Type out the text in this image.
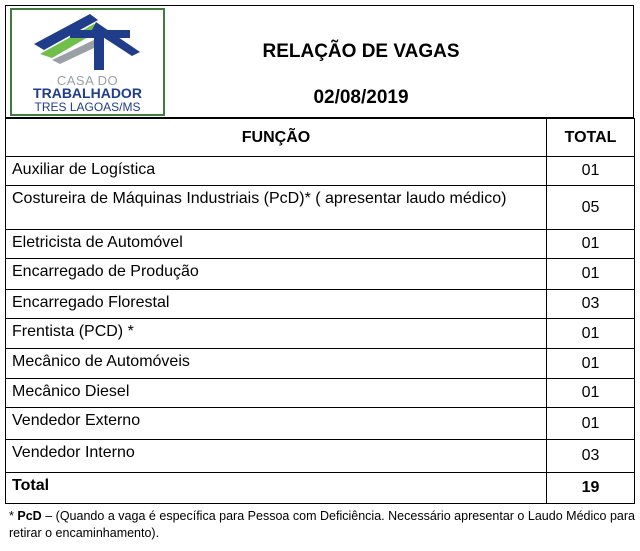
CASA DO
TRABALHADOR
TRES LAGOAS/MS
RELAÇÃO DE VAGAS
02/08/2019
FUNÇÃO	TOTAL
Auxiliar de Logística	01
Costureira de Máquinas Industriais (PcD)* ( apresentar laudo médico)	05
Eletricista de Automóvel	01
Encarregado de Produção	01
Encarregado Florestal	03
Frentista (PCD) *	01
Mecânico de Automóveis	01
Mecânico Diesel	01
Vendedor Externo	01
Vendedor Interno	03
Total	19
* PcD – (Quando a vaga é específica para Pessoa com Deficiência. Necessário apresentar o Laudo Médico para retirar o encaminhamento).
